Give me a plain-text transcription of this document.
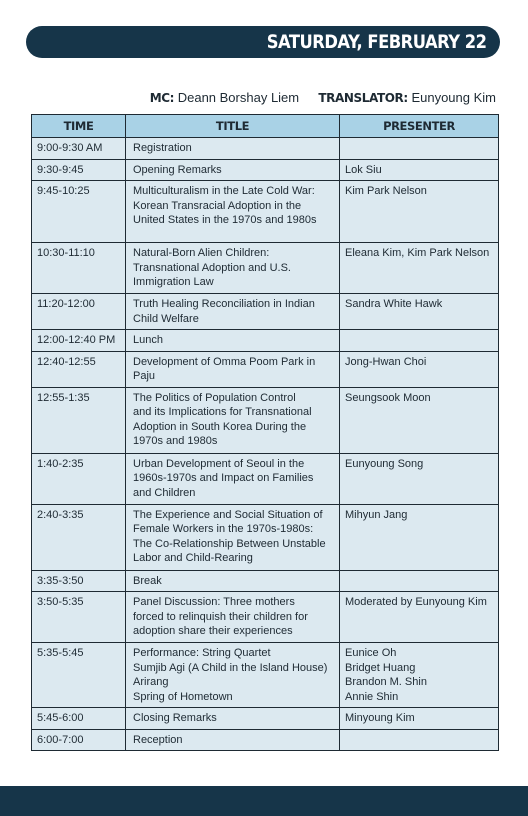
SATURDAY, FEBRUARY 22
MC: Deann Borshay Liem TRANSLATOR: Eunyoung Kim
TIME	TITLE	PRESENTER
9:00-9:30 AM	Registration	

9:30-9:45	Opening Remarks	Lok Siu

9:45-10:25	Multiculturalism in the Late Cold War:
Korean Transracial Adoption in the
United States in the 1970s and 1980s	Kim Park Nelson

10:30-11:10	Natural-Born Alien Children:
Transnational Adoption and U.S.
Immigration Law	Eleana Kim, Kim Park Nelson

11:20-12:00	Truth Healing Reconciliation in Indian
Child Welfare	Sandra White Hawk

12:00-12:40 PM	Lunch	

12:40-12:55	Development of Omma Poom Park in
Paju	Jong-Hwan Choi

12:55-1:35	The Politics of Population Control
and its Implications for Transnational
Adoption in South Korea During the
1970s and 1980s	Seungsook Moon

1:40-2:35	Urban Development of Seoul in the
1960s-1970s and Impact on Families
and Children	Eunyoung Song

2:40-3:35	The Experience and Social Situation of
Female Workers in the 1970s-1980s:
The Co-Relationship Between Unstable
Labor and Child-Rearing	Mihyun Jang

3:35-3:50	Break	

3:50-5:35	Panel Discussion: Three mothers
forced to relinquish their children for
adoption share their experiences	Moderated by Eunyoung Kim

5:35-5:45	Performance: String Quartet
Sumjib Agi (A Child in the Island House)
Arirang
Spring of Hometown	Eunice Oh
Bridget Huang
Brandon M. Shin
Annie Shin

5:45-6:00	Closing Remarks	Minyoung Kim

6:00-7:00	Reception	
